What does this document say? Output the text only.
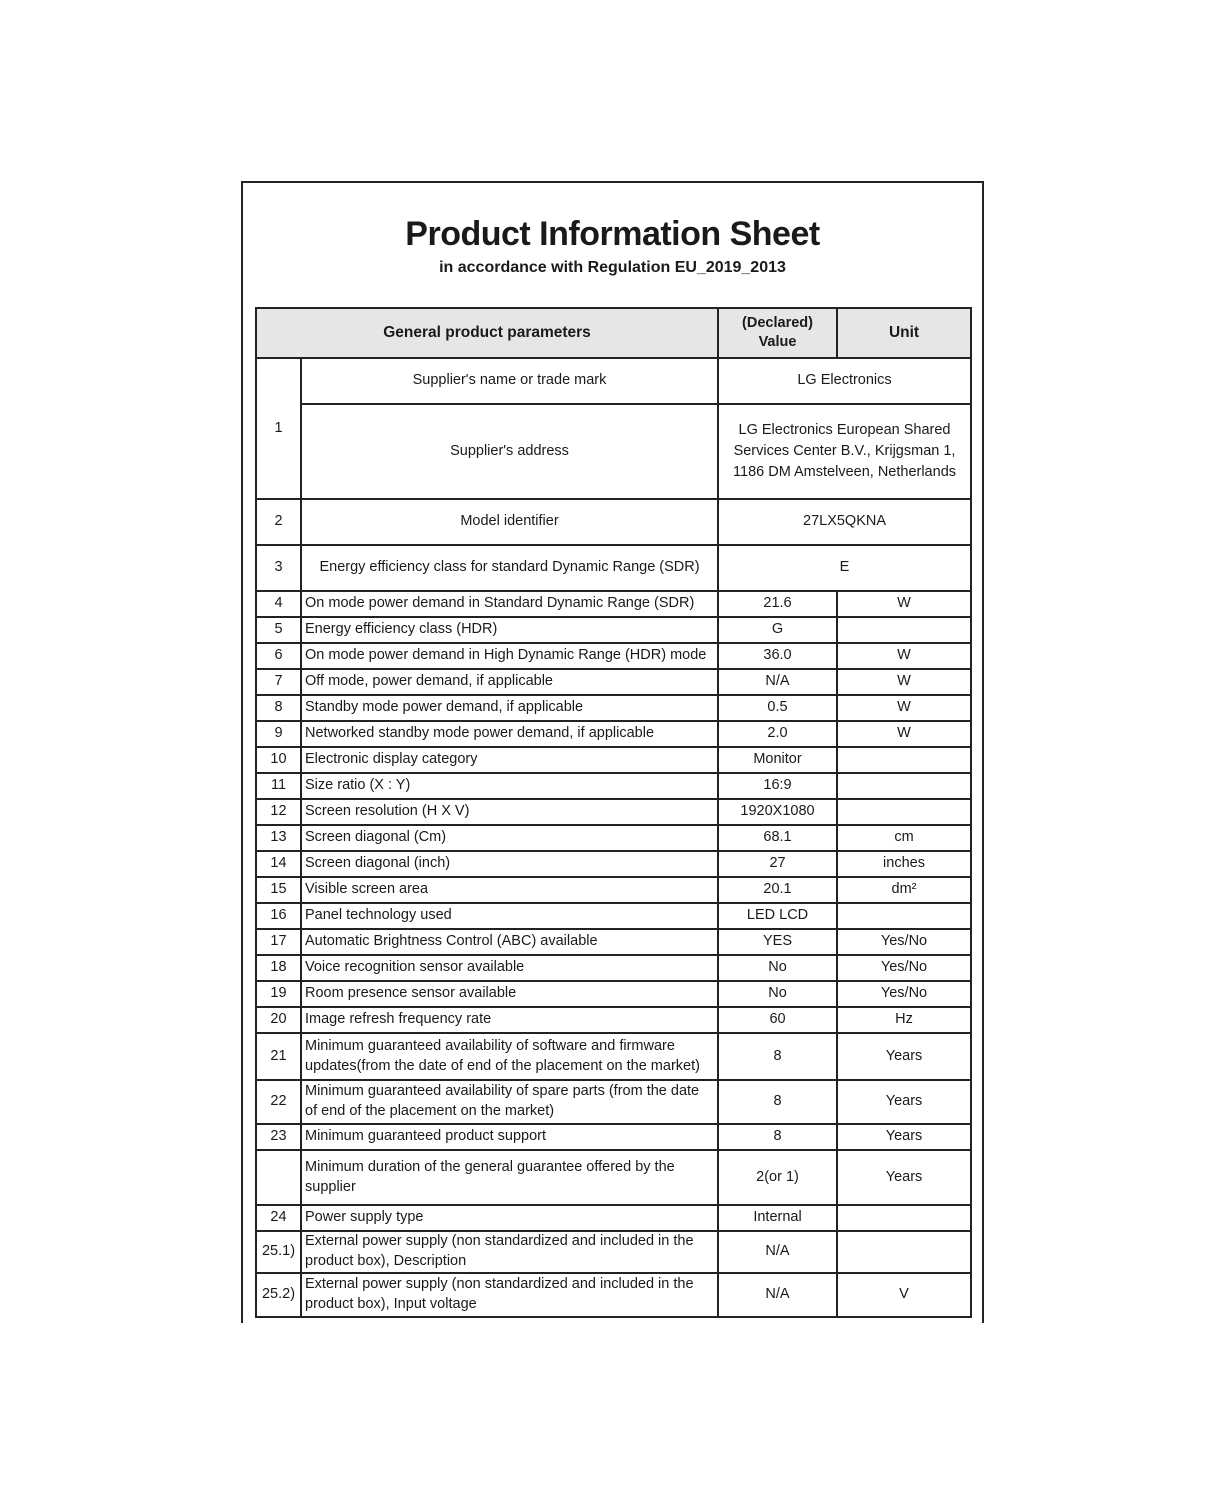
Product Information Sheet
in accordance with Regulation EU_2019_2013
General product parameters		(Declared) Value	Unit
1	Supplier's name or trade mark	LG Electronics	
	Supplier's address	LG Electronics European Shared Services Center B.V., Krijgsman 1, 1186 DM Amstelveen, Netherlands	
2	Model identifier	27LX5QKNA	
3	Energy efficiency class for standard Dynamic Range (SDR)	E	
4	On mode power demand in Standard Dynamic Range (SDR)	21.6	W
5	Energy efficiency class (HDR)	G	
6	On mode power demand in High Dynamic Range (HDR) mode	36.0	W
7	Off mode, power demand, if applicable	N/A	W
8	Standby mode power demand, if applicable	0.5	W
9	Networked standby mode power demand, if applicable	2.0	W
10	Electronic display category	Monitor	
11	Size ratio (X : Y)	16:9	
12	Screen resolution (H X V)	1920X1080	
13	Screen diagonal (Cm)	68.1	cm
14	Screen diagonal (inch)	27	inches
15	Visible screen area	20.1	dm²
16	Panel technology used	LED LCD	
17	Automatic Brightness Control (ABC) available	YES	Yes/No
18	Voice recognition sensor available	No	Yes/No
19	Room presence sensor available	No	Yes/No
20	Image refresh frequency rate	60	Hz
21	Minimum guaranteed availability of software and firmware updates(from the date of end of the placement on the market)	8	Years
22	Minimum guaranteed availability of spare parts (from the date of end of the placement on the market)	8	Years
23	Minimum guaranteed product support	8	Years
	Minimum duration of the general guarantee offered by the supplier	2(or 1)	Years
24	Power supply type	Internal	
25.1)	External power supply (non standardized and included in the product box), Description	N/A	
25.2)	External power supply (non standardized and included in the product box), Input voltage	N/A	V
